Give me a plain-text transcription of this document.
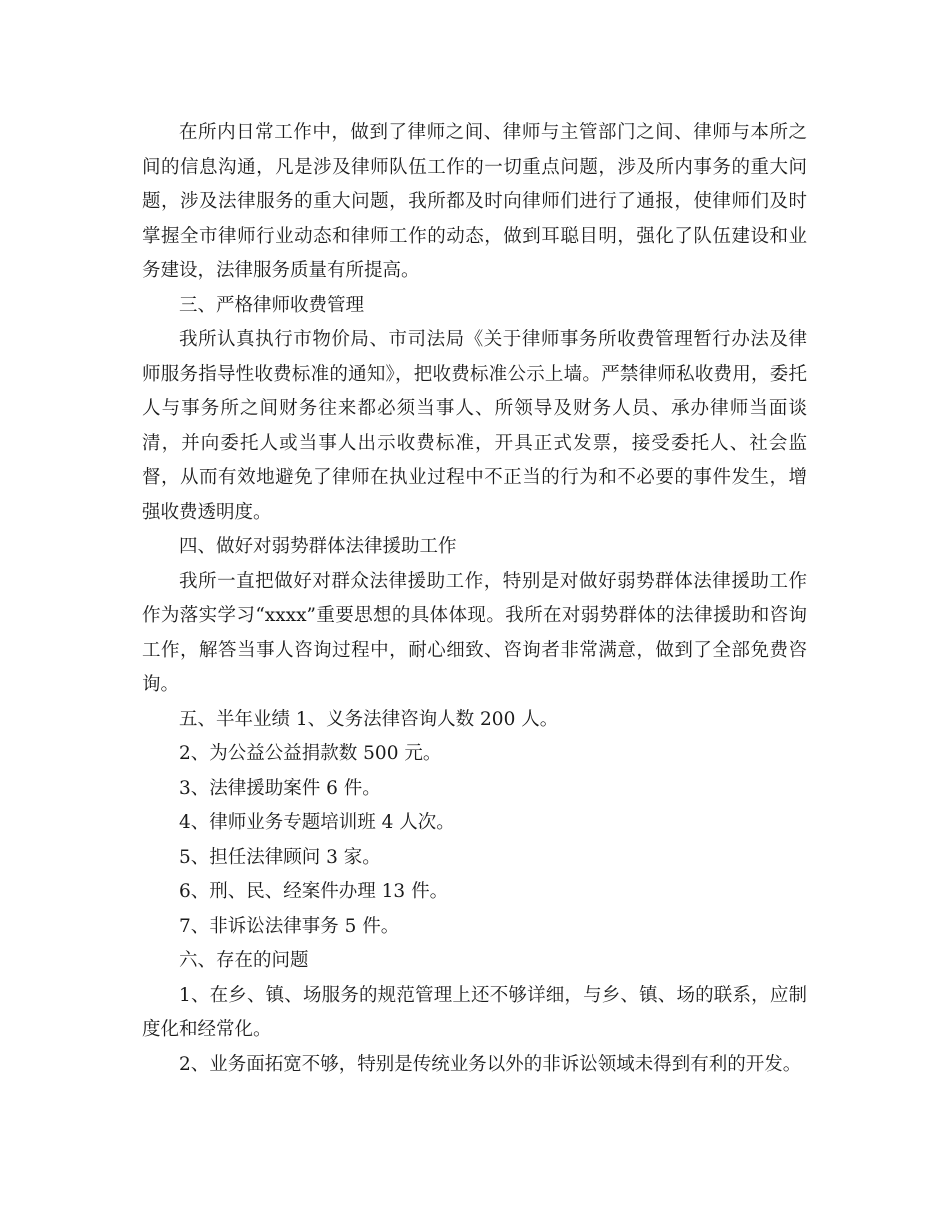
在所内日常工作中，做到了律师之间、律师与主管部门之间、律师与本所之间的信息沟通，凡是涉及律师队伍工作的一切重点问题，涉及所内事务的重大问题，涉及法律服务的重大问题，我所都及时向律师们进行了通报，使律师们及时掌握全市律师行业动态和律师工作的动态，做到耳聪目明，强化了队伍建设和业务建设，法律服务质量有所提高。

三、严格律师收费管理

我所认真执行市物价局、市司法局《关于律师事务所收费管理暂行办法及律师服务指导性收费标准的通知》，把收费标准公示上墙。严禁律师私收费用，委托人与事务所之间财务往来都必须当事人、所领导及财务人员、承办律师当面谈清，并向委托人或当事人出示收费标准，开具正式发票，接受委托人、社会监督，从而有效地避免了律师在执业过程中不正当的行为和不必要的事件发生，增强收费透明度。

四、做好对弱势群体法律援助工作

我所一直把做好对群众法律援助工作，特别是对做好弱势群体法律援助工作作为落实学习“xxxx”重要思想的具体体现。我所在对弱势群体的法律援助和咨询工作，解答当事人咨询过程中，耐心细致、咨询者非常满意，做到了全部免费咨询。

五、半年业绩 1、义务法律咨询人数 200 人。

2、为公益公益捐款数 500 元。

3、法律援助案件 6 件。

4、律师业务专题培训班 4 人次。

5、担任法律顾问 3 家。

6、刑、民、经案件办理 13 件。

7、非诉讼法律事务 5 件。

六、存在的问题

1、在乡、镇、场服务的规范管理上还不够详细，与乡、镇、场的联系，应制度化和经常化。

2、业务面拓宽不够，特别是传统业务以外的非诉讼领域未得到有利的开发。
